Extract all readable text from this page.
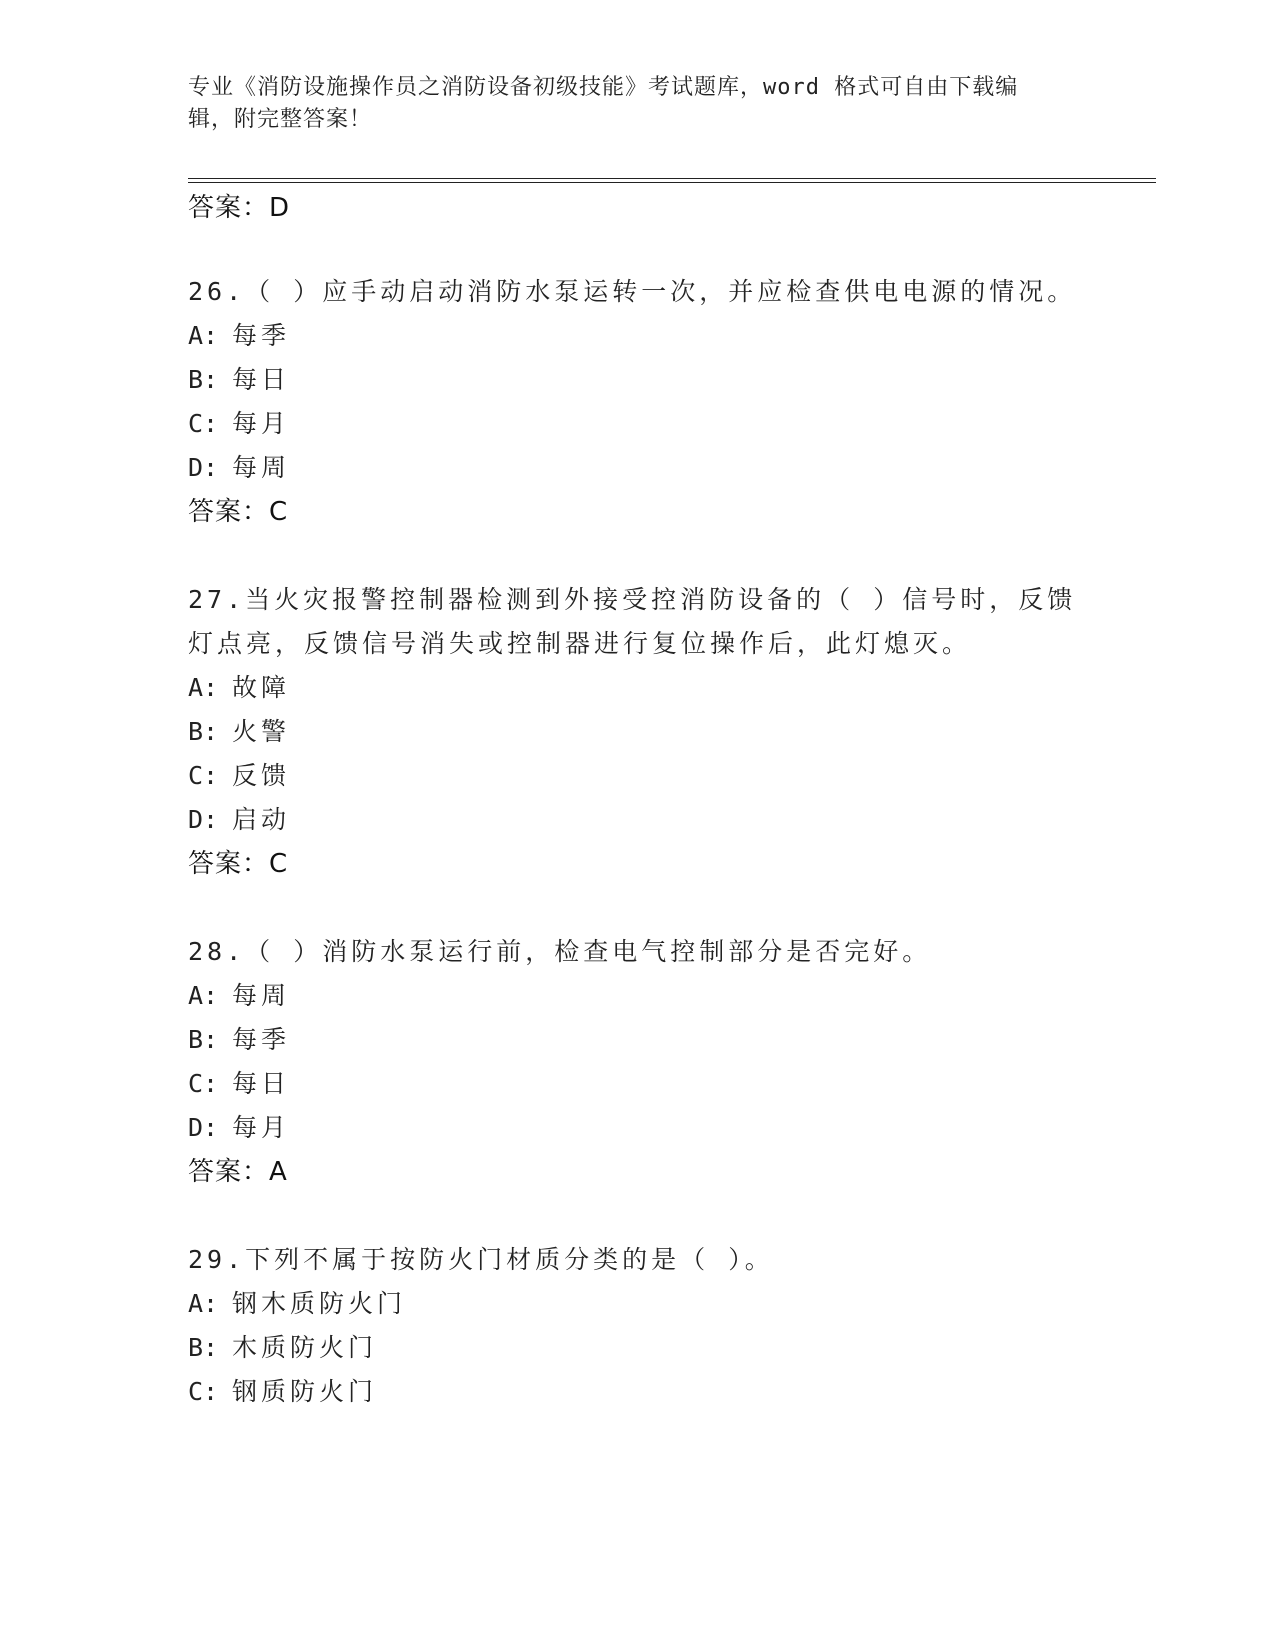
专业《消防设施操作员之消防设备初级技能》考试题库，word 格式可自由下载编
辑，附完整答案！
答案：D
26.（ ）应手动启动消防水泵运转一次，并应检查供电电源的情况。
A: 每季
B: 每日
C: 每月
D: 每周
答案：C
27.当火灾报警控制器检测到外接受控消防设备的（ ）信号时，反馈
灯点亮，反馈信号消失或控制器进行复位操作后，此灯熄灭。
A: 故障
B: 火警
C: 反馈
D: 启动
答案：C
28.（ ）消防水泵运行前，检查电气控制部分是否完好。
A: 每周
B: 每季
C: 每日
D: 每月
答案：A
29.下列不属于按防火门材质分类的是（ ）。
A: 钢木质防火门
B: 木质防火门
C: 钢质防火门
